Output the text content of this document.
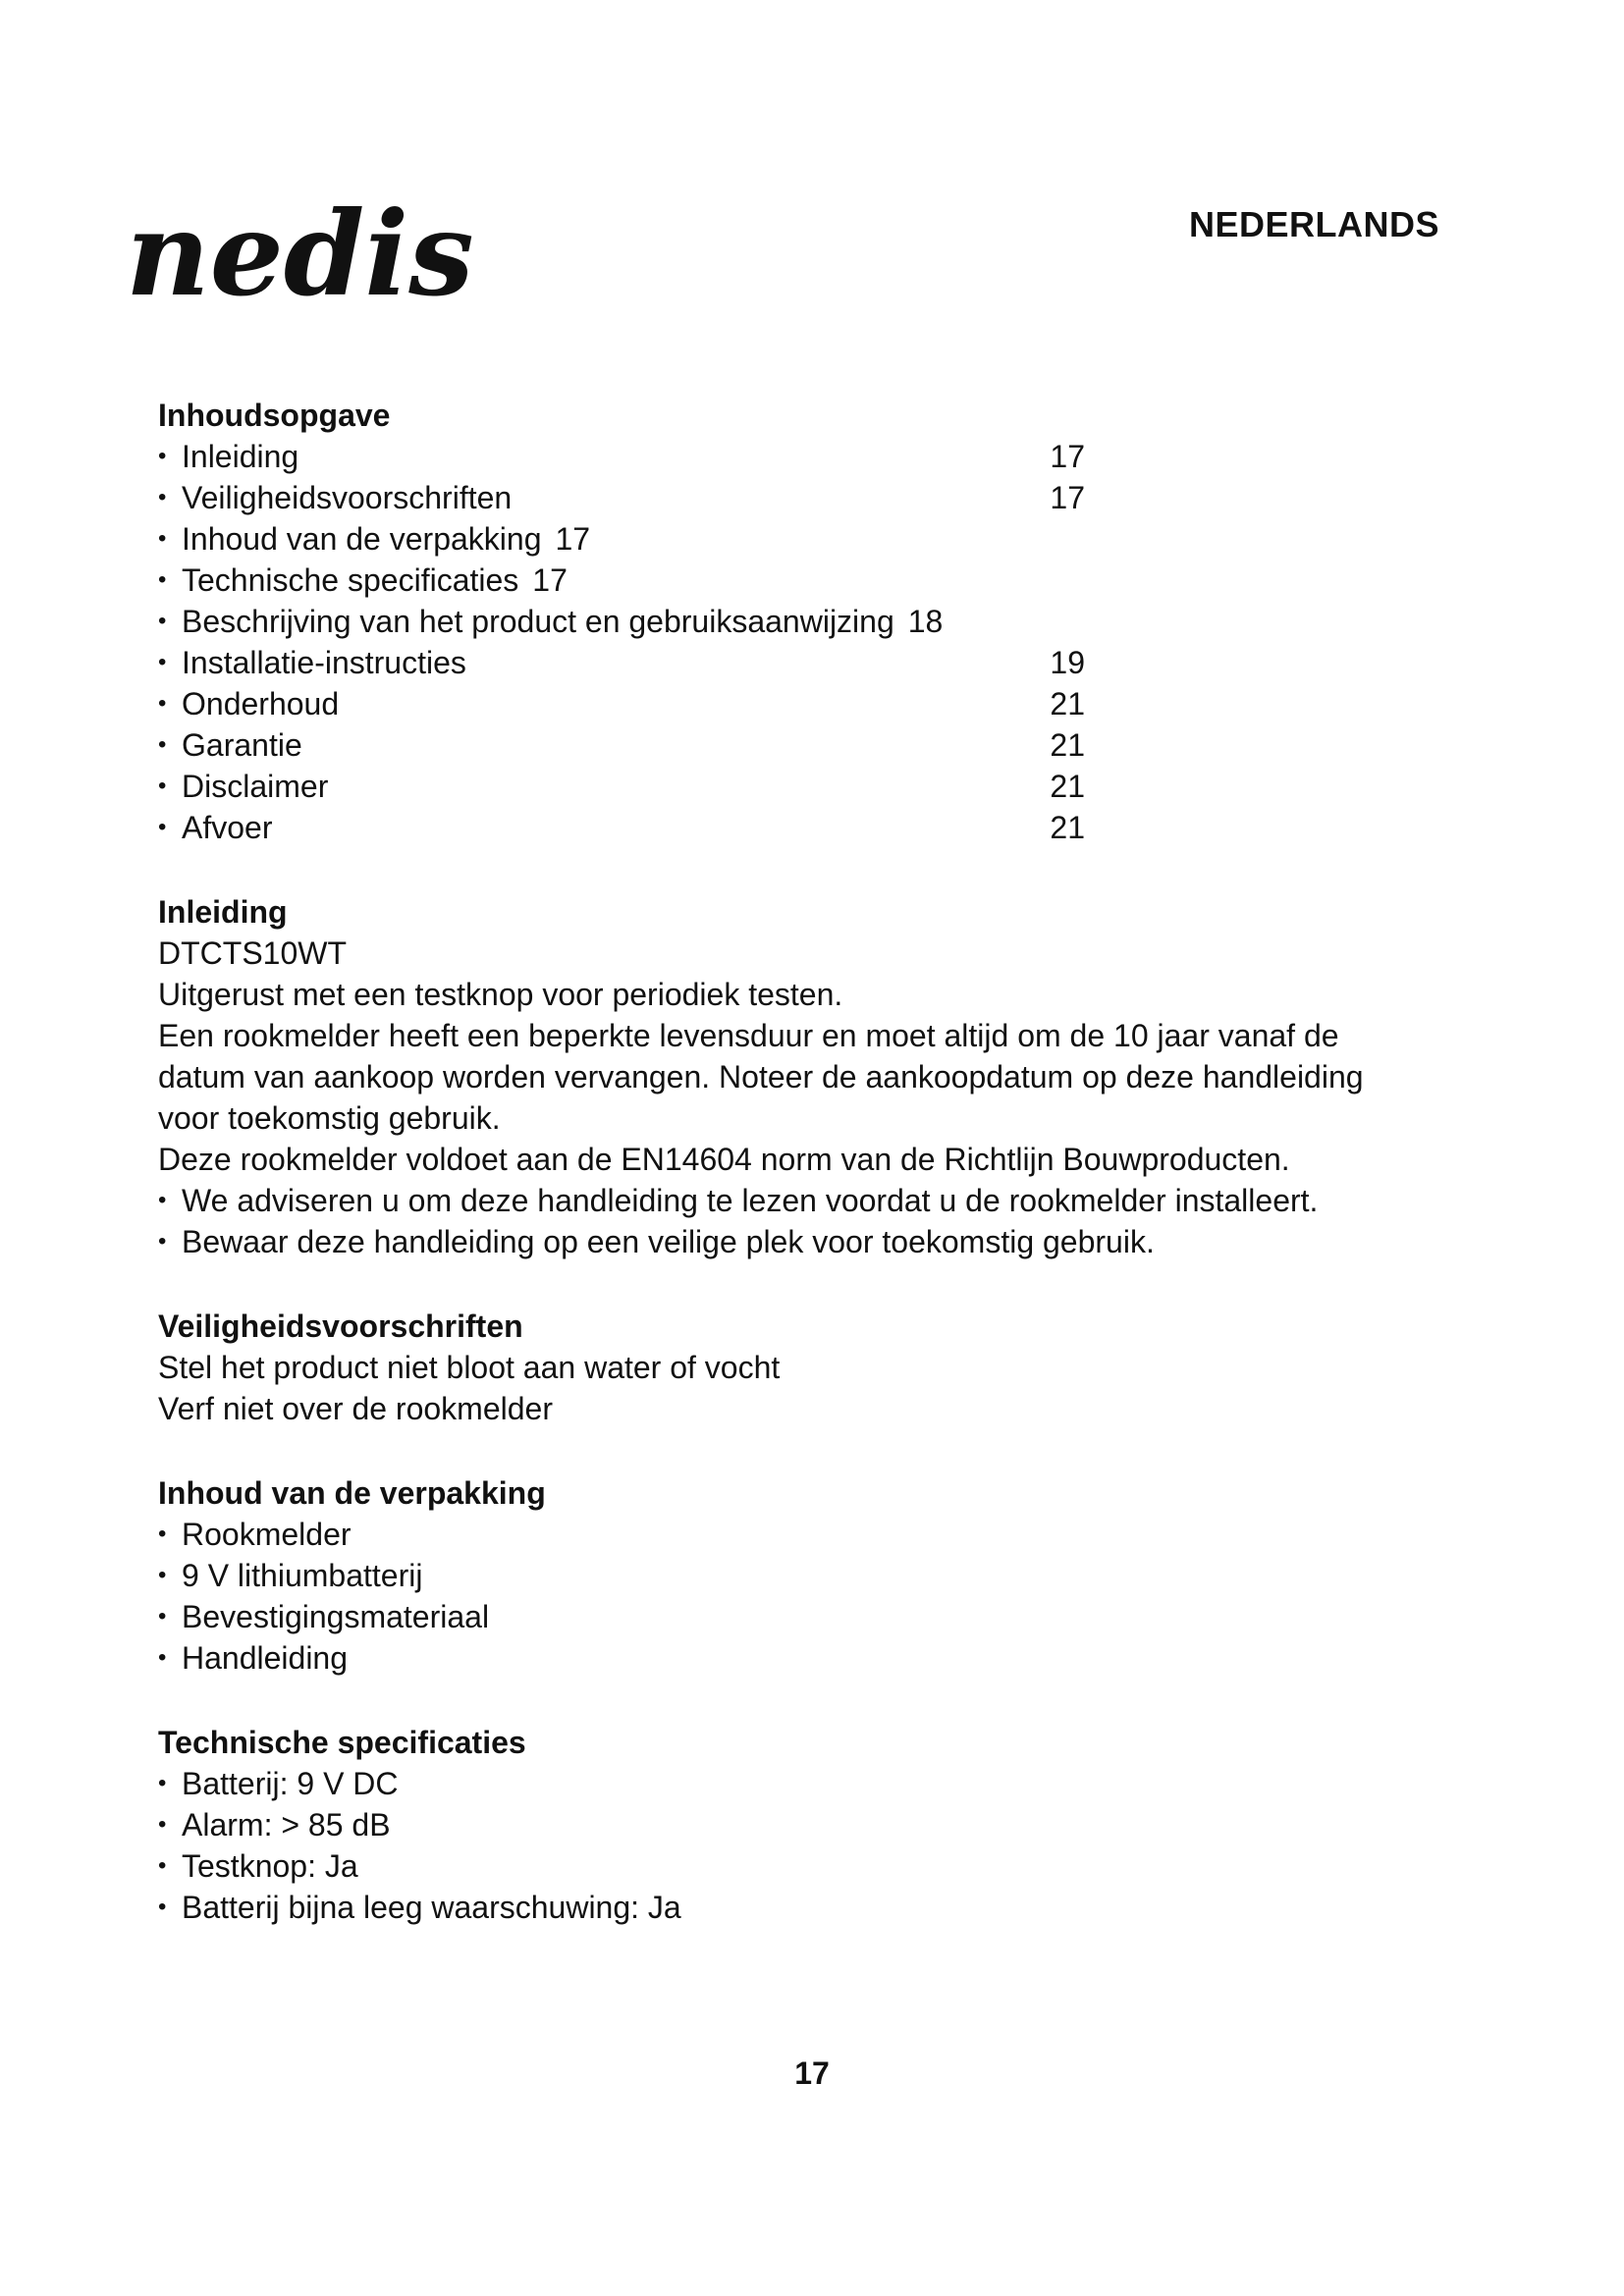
nedis	NEDERLANDS
Inhoudsopgave
• Inleiding	17
• Veiligheidsvoorschriften	17
• Inhoud van de verpakking 17
• Technische specificaties 17
• Beschrijving van het product en gebruiksaanwijzing 18
• Installatie-instructies	19
• Onderhoud	21
• Garantie	21
• Disclaimer	21
• Afvoer	21
Inleiding

DTCTS10WT

Uitgerust met een testknop voor periodiek testen.

Een rookmelder heeft een beperkte levensduur en moet altijd om de 10 jaar vanaf de datum van aankoop worden vervangen. Noteer de aankoopdatum op deze handleiding voor toekomstig gebruik.

Deze rookmelder voldoet aan de EN14604 norm van de Richtlijn Bouwproducten.

• We adviseren u om deze handleiding te lezen voordat u de rookmelder installeert.
• Bewaar deze handleiding op een veilige plek voor toekomstig gebruik.
Veiligheidsvoorschriften

Stel het product niet bloot aan water of vocht

Verf niet over de rookmelder

Inhoud van de verpakking
• Rookmelder
• 9 V lithiumbatterij
• Bevestigingsmateriaal
• Handleiding
Technische specificaties
• Batterij: 9 V DC
• Alarm: > 85 dB
• Testknop: Ja
• Batterij bijna leeg waarschuwing: Ja
17
